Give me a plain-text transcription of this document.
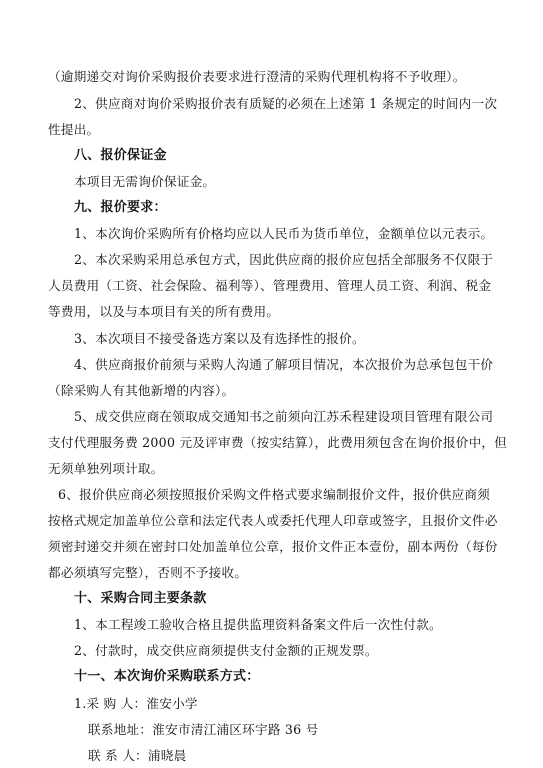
（逾期递交对询价采购报价表要求进行澄清的采购代理机构将不予收理）。
2、供应商对询价采购报价表有质疑的必须在上述第 1 条规定的时间内一次
性提出。
八、报价保证金
本项目无需询价保证金。
九、报价要求：
1、本次询价采购所有价格均应以人民币为货币单位，金额单位以元表示。
2、本次采购采用总承包方式，因此供应商的报价应包括全部服务不仅限于
人员费用（工资、社会保险、福利等）、管理费用、管理人员工资、利润、税金
等费用，以及与本项目有关的所有费用。
3、本次项目不接受备选方案以及有选择性的报价。
4、供应商报价前须与采购人沟通了解项目情况，本次报价为总承包包干价
（除采购人有其他新增的内容）。
5、成交供应商在领取成交通知书之前须向江苏禾程建设项目管理有限公司
支付代理服务费 2000 元及评审费（按实结算），此费用须包含在询价报价中，但
无须单独列项计取。
6、报价供应商必须按照报价采购文件格式要求编制报价文件，报价供应商须
按格式规定加盖单位公章和法定代表人或委托代理人印章或签字，且报价文件必
须密封递交并须在密封口处加盖单位公章，报价文件正本壹份，副本两份（每份
都必须填写完整），否则不予接收。
十、采购合同主要条款
1、本工程竣工验收合格且提供监理资料备案文件后一次性付款。
2、付款时，成交供应商须提供支付金额的正规发票。
十一、本次询价采购联系方式：
1.采 购 人：淮安小学
联系地址：淮安市清江浦区环宇路 36 号
联 系 人：浦晓晨
